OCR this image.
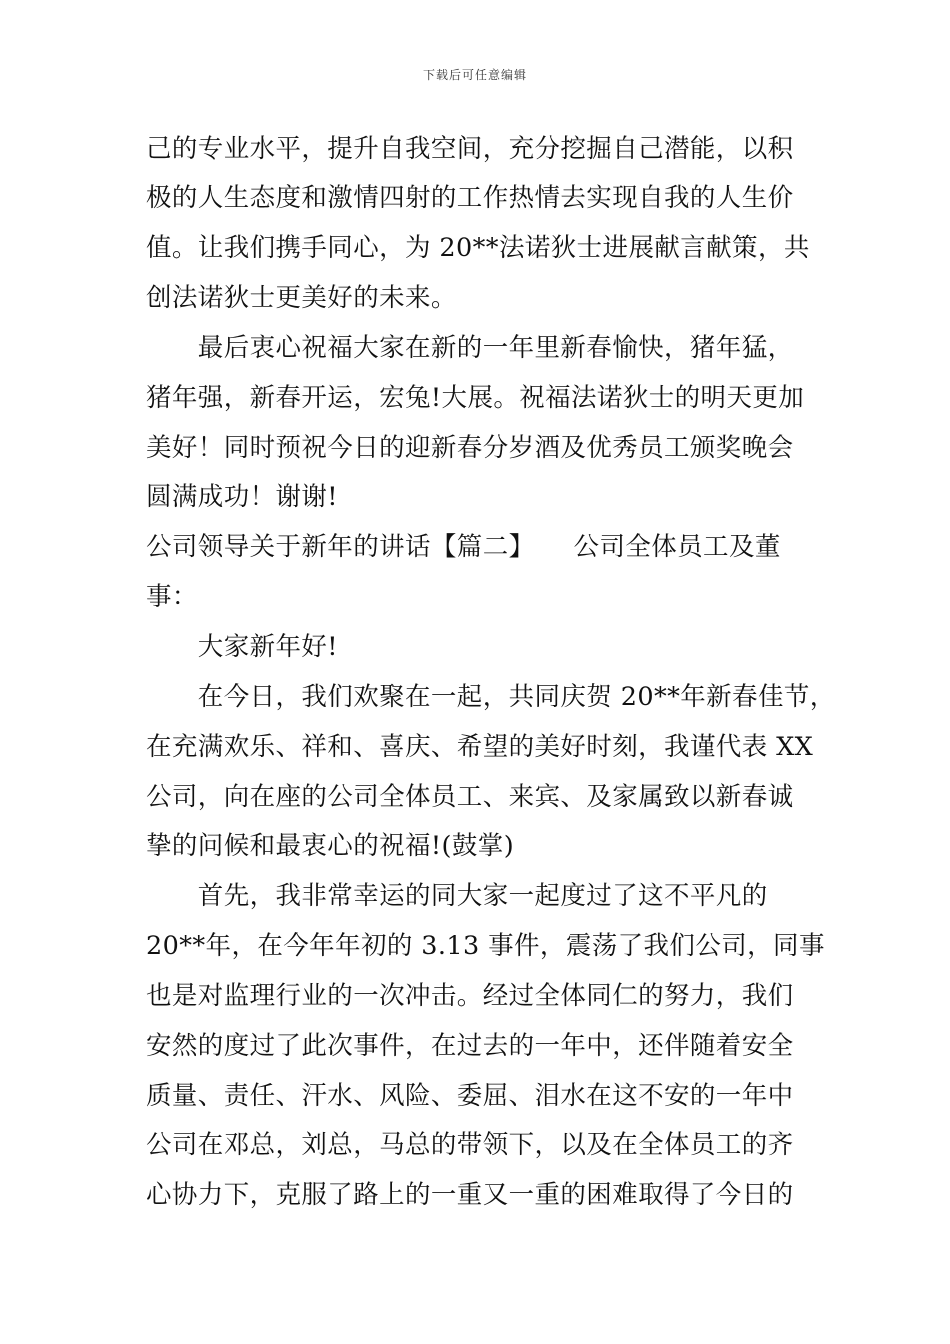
下载后可任意编辑
己的专业水平，提升自我空间，充分挖掘自己潜能，以积
极的人生态度和激情四射的工作热情去实现自我的人生价
值。让我们携手同心，为 20**法诺狄士进展献言献策，共
创法诺狄士更美好的未来。
　　最后衷心祝福大家在新的一年里新春愉快，猪年猛，
猪年强，新春开运，宏兔!大展。祝福法诺狄士的明天更加
美好！同时预祝今日的迎新春分岁酒及优秀员工颁奖晚会
圆满成功！谢谢!
公司领导关于新年的讲话【篇二】　　公司全体员工及董
事：
　　大家新年好!
　　在今日，我们欢聚在一起，共同庆贺 20**年新春佳节，
在充满欢乐、祥和、喜庆、希望的美好时刻，我谨代表 XX
公司，向在座的公司全体员工、来宾、及家属致以新春诚
挚的问候和最衷心的祝福!(鼓掌)
　　首先，我非常幸运的同大家一起度过了这不平凡的
20**年，在今年年初的 3.13 事件，震荡了我们公司，同事
也是对监理行业的一次冲击。经过全体同仁的努力，我们
安然的度过了此次事件，在过去的一年中，还伴随着安全
质量、责任、汗水、风险、委屈、泪水在这不安的一年中
公司在邓总，刘总，马总的带领下，以及在全体员工的齐
心协力下，克服了路上的一重又一重的困难取得了今日的
